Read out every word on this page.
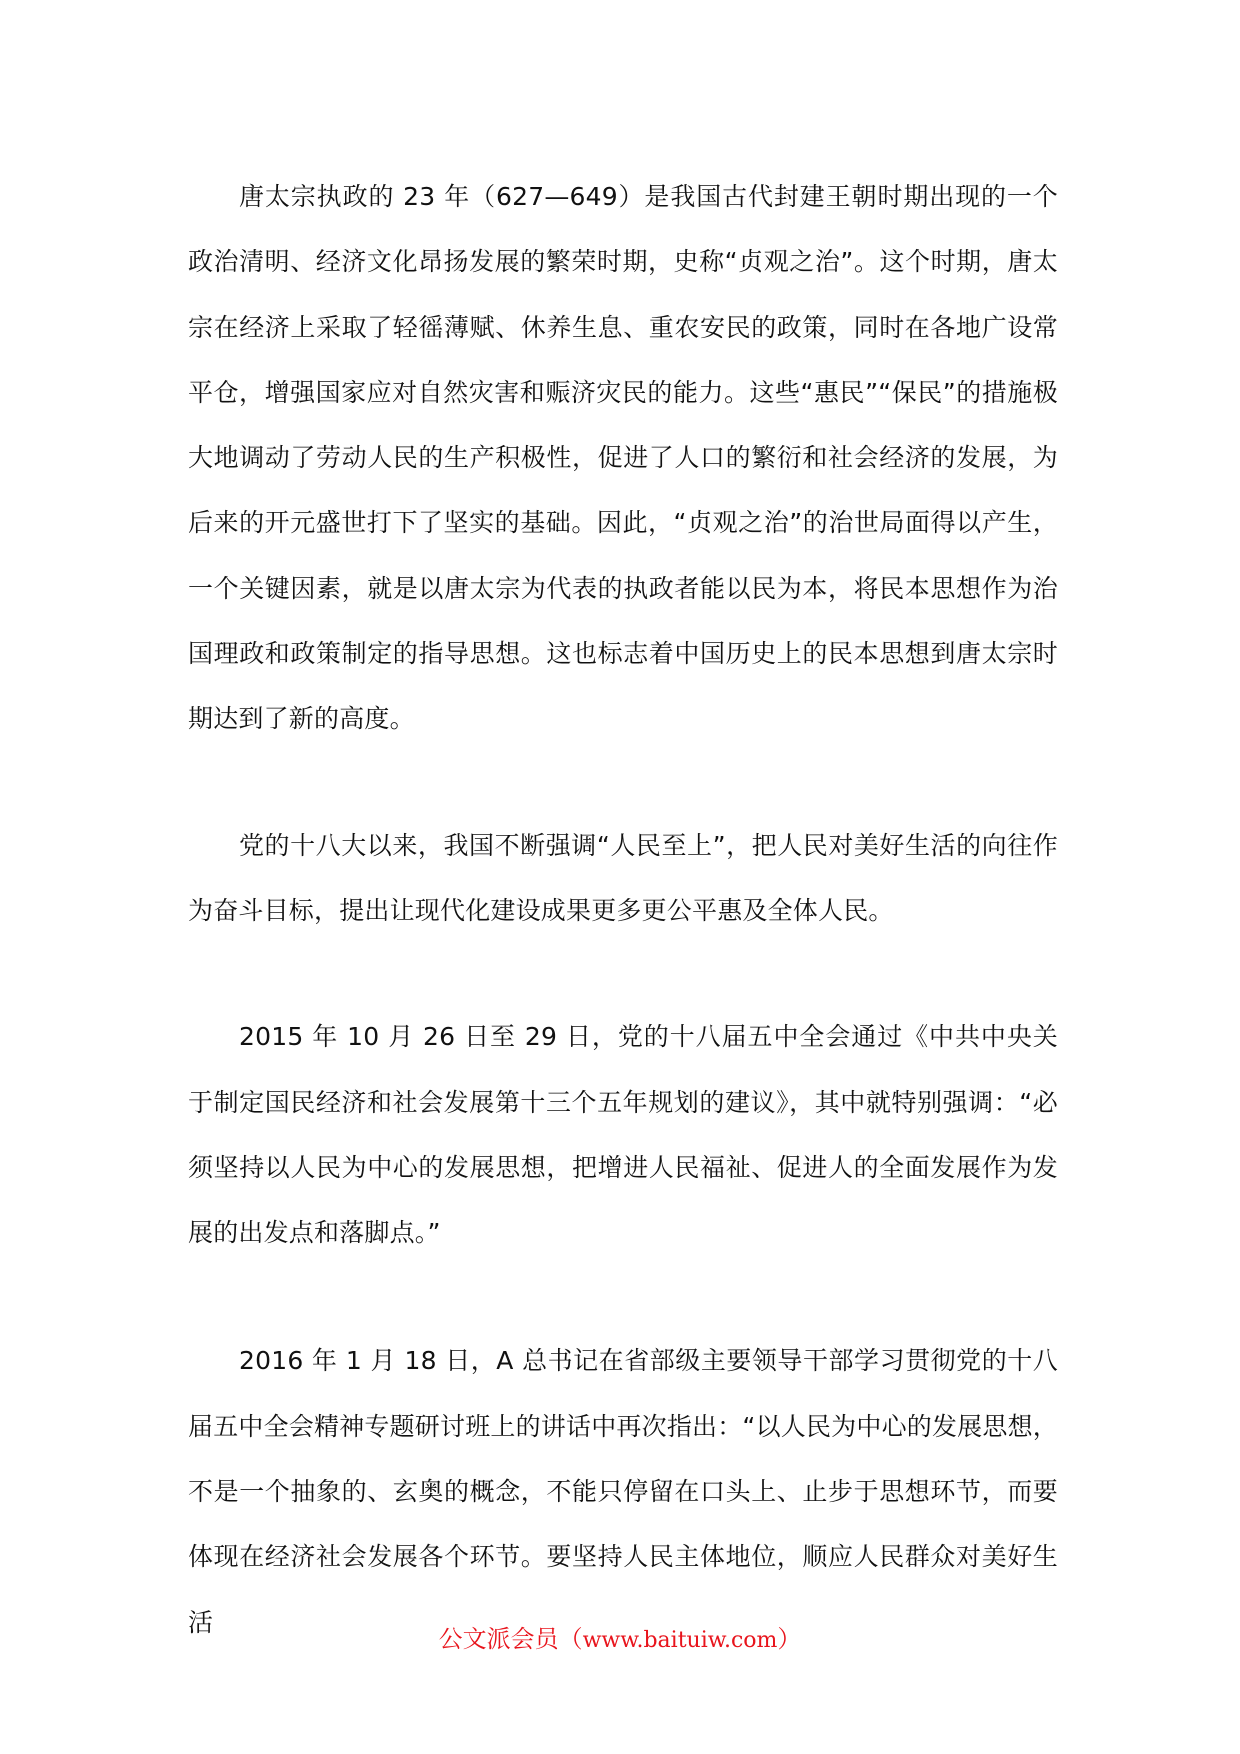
唐太宗执政的 23 年（627—649）是我国古代封建王朝时期出现的一个政治清明、经济文化昂扬发展的繁荣时期，史称“贞观之治”。这个时期，唐太宗在经济上采取了轻徭薄赋、休养生息、重农安民的政策，同时在各地广设常平仓，增强国家应对自然灾害和赈济灾民的能力。这些“惠民”“保民”的措施极大地调动了劳动人民的生产积极性，促进了人口的繁衍和社会经济的发展，为后来的开元盛世打下了坚实的基础。因此，“贞观之治”的治世局面得以产生，一个关键因素，就是以唐太宗为代表的执政者能以民为本，将民本思想作为治国理政和政策制定的指导思想。这也标志着中国历史上的民本思想到唐太宗时期达到了新的高度。

党的十八大以来，我国不断强调“人民至上”，把人民对美好生活的向往作为奋斗目标，提出让现代化建设成果更多更公平惠及全体人民。

2015 年 10 月 26 日至 29 日，党的十八届五中全会通过《中共中央关于制定国民经济和社会发展第十三个五年规划的建议》，其中就特别强调：“必须坚持以人民为中心的发展思想，把增进人民福祉、促进人的全面发展作为发展的出发点和落脚点。”

2016 年 1 月 18 日，A 总书记在省部级主要领导干部学习贯彻党的十八届五中全会精神专题研讨班上的讲话中再次指出：“以人民为中心的发展思想，不是一个抽象的、玄奥的概念，不能只停留在口头上、止步于思想环节，而要体现在经济社会发展各个环节。要坚持人民主体地位，顺应人民群众对美好生活

公文派会员（www.baituiw.com）
